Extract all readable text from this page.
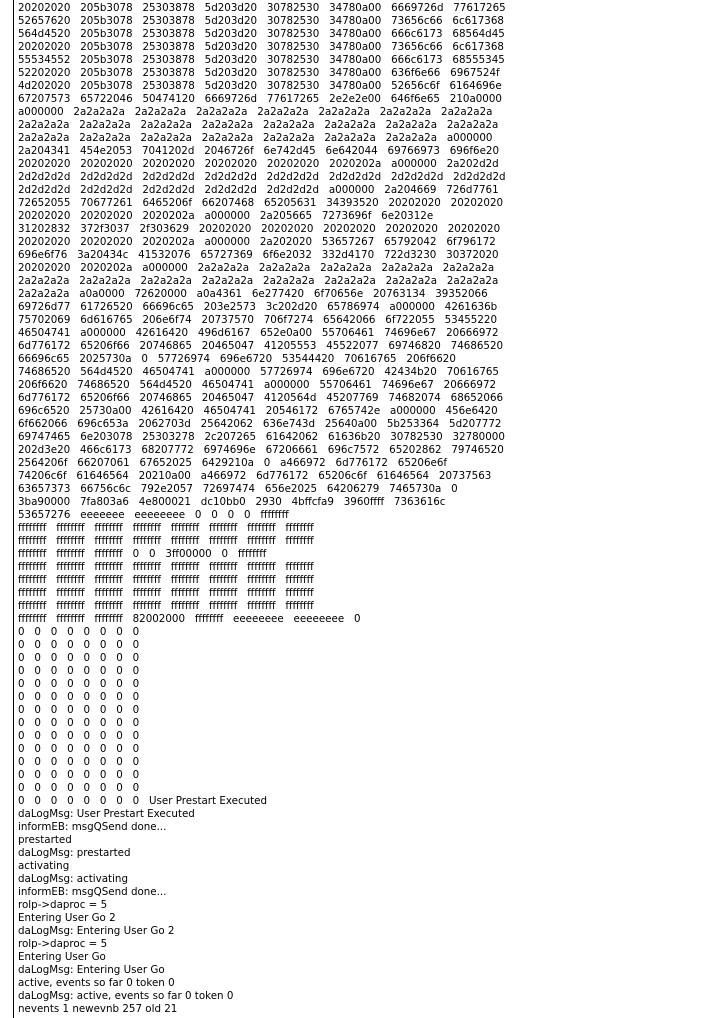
20202020   205b3078   25303878   5d203d20   30782530   34780a00   6669726d   77617265
52657620   205b3078   25303878   5d203d20   30782530   34780a00   73656c66   6c617368
564d4520   205b3078   25303878   5d203d20   30782530   34780a00   666c6173   68564d45
20202020   205b3078   25303878   5d203d20   30782530   34780a00   73656c66   6c617368
55534552   205b3078   25303878   5d203d20   30782530   34780a00   666c6173   68555345
52202020   205b3078   25303878   5d203d20   30782530   34780a00   636f6e66   6967524f
4d202020   205b3078   25303878   5d203d20   30782530   34780a00   52656c6f   6164696e
67207573   65722046   50474120   6669726d   77617265   2e2e2e00   646f6e65   210a0000
a000000   2a2a2a2a   2a2a2a2a   2a2a2a2a   2a2a2a2a   2a2a2a2a   2a2a2a2a   2a2a2a2a
2a2a2a2a   2a2a2a2a   2a2a2a2a   2a2a2a2a   2a2a2a2a   2a2a2a2a   2a2a2a2a   2a2a2a2a
2a2a2a2a   2a2a2a2a   2a2a2a2a   2a2a2a2a   2a2a2a2a   2a2a2a2a   2a2a2a2a   a000000
2a204341   454e2053   7041202d   2046726f   6e742d45   6e642044   69766973   696f6e20
20202020   20202020   20202020   20202020   20202020   2020202a   a000000   2a202d2d
2d2d2d2d   2d2d2d2d   2d2d2d2d   2d2d2d2d   2d2d2d2d   2d2d2d2d   2d2d2d2d   2d2d2d2d
2d2d2d2d   2d2d2d2d   2d2d2d2d   2d2d2d2d   2d2d2d2d   a000000   2a204669   726d7761
72652055   70677261   6465206f   66207468   65205631   34393520   20202020   20202020
20202020   20202020   2020202a   a000000   2a205665   7273696f   6e20312e
31202832   372f3037   2f303629   20202020   20202020   20202020   20202020   20202020
20202020   20202020   2020202a   a000000   2a202020   53657267   65792042   6f796172
696e6f76   3a20434c   41532076   65727369   6f6e2032   332d4170   722d3230   30372020
20202020   2020202a   a000000   2a2a2a2a   2a2a2a2a   2a2a2a2a   2a2a2a2a   2a2a2a2a
2a2a2a2a   2a2a2a2a   2a2a2a2a   2a2a2a2a   2a2a2a2a   2a2a2a2a   2a2a2a2a   2a2a2a2a
2a2a2a2a   a0a0000   72620000   a0a4361   6e277420   6f70656e   20763134   39352066
69726d77   61726520   66696c65   203e2573   3c202d20   65786974   a000000   4261636b
75702069   6d616765   206e6f74   20737570   706f7274   65642066   6f722055   53455220
46504741   a000000   42616420   496d6167   652e0a00   55706461   74696e67   20666972
6d776172   65206f66   20746865   20465047   41205553   45522077   69746820   74686520
66696c65   2025730a   0   57726974   696e6720   53544420   70616765   206f6620
74686520   564d4520   46504741   a000000   57726974   696e6720   42434b20   70616765
206f6620   74686520   564d4520   46504741   a000000   55706461   74696e67   20666972
6d776172   65206f66   20746865   20465047   4120564d   45207769   74682074   68652066
696c6520   25730a00   42616420   46504741   20546172   6765742e   a000000   456e6420
6f662066   696c653a   2062703d   25642062   636e743d   25640a00   5b253364   5d207772
69747465   6e203078   25303278   2c207265   61642062   61636b20   30782530   32780000
202d3e20   466c6173   68207772   6974696e   67206661   696c7572   65202862   79746520
2564206f   66207061   67652025   6429210a   0   a466972   6d776172   65206e6f
74206c6f   61646564   20210a00   a466972   6d776172   65206c6f   61646564   20737563
63657373   66756c6c   792e2057   72697474   656e2025   64206279   7465730a   0
3ba90000   7fa803a6   4e800021   dc10bb0   2930   4bffcfa9   3960ffff   7363616c
53657276   eeeeeee   eeeeeeee   0   0   0   0   ffffffff
ffffffff   ffffffff   ffffffff   ffffffff   ffffffff   ffffffff   ffffffff   ffffffff
ffffffff   ffffffff   ffffffff   ffffffff   ffffffff   ffffffff   ffffffff   ffffffff
ffffffff   ffffffff   ffffffff   0   0   3ff00000   0   ffffffff
ffffffff   ffffffff   ffffffff   ffffffff   ffffffff   ffffffff   ffffffff   ffffffff
ffffffff   ffffffff   ffffffff   ffffffff   ffffffff   ffffffff   ffffffff   ffffffff
ffffffff   ffffffff   ffffffff   ffffffff   ffffffff   ffffffff   ffffffff   ffffffff
ffffffff   ffffffff   ffffffff   ffffffff   ffffffff   ffffffff   ffffffff   ffffffff
ffffffff   ffffffff   ffffffff   82002000   ffffffff   eeeeeeee   eeeeeeee   0
0   0   0   0   0   0   0   0
0   0   0   0   0   0   0   0
0   0   0   0   0   0   0   0
0   0   0   0   0   0   0   0
0   0   0   0   0   0   0   0
0   0   0   0   0   0   0   0
0   0   0   0   0   0   0   0
0   0   0   0   0   0   0   0
0   0   0   0   0   0   0   0
0   0   0   0   0   0   0   0
0   0   0   0   0   0   0   0
0   0   0   0   0   0   0   0
0   0   0   0   0   0   0   0
0   0   0   0   0   0   0   0   User Prestart Executed
daLogMsg: User Prestart Executed
informEB: msgQSend done...
prestarted
daLogMsg: prestarted
activating
daLogMsg: activating
informEB: msgQSend done...
rolp->daproc = 5
Entering User Go 2
daLogMsg: Entering User Go 2
rolp->daproc = 5
Entering User Go
daLogMsg: Entering User Go
active, events so far 0 token 0
daLogMsg: active, events so far 0 token 0
nevents 1 newevnb 257 old 21
